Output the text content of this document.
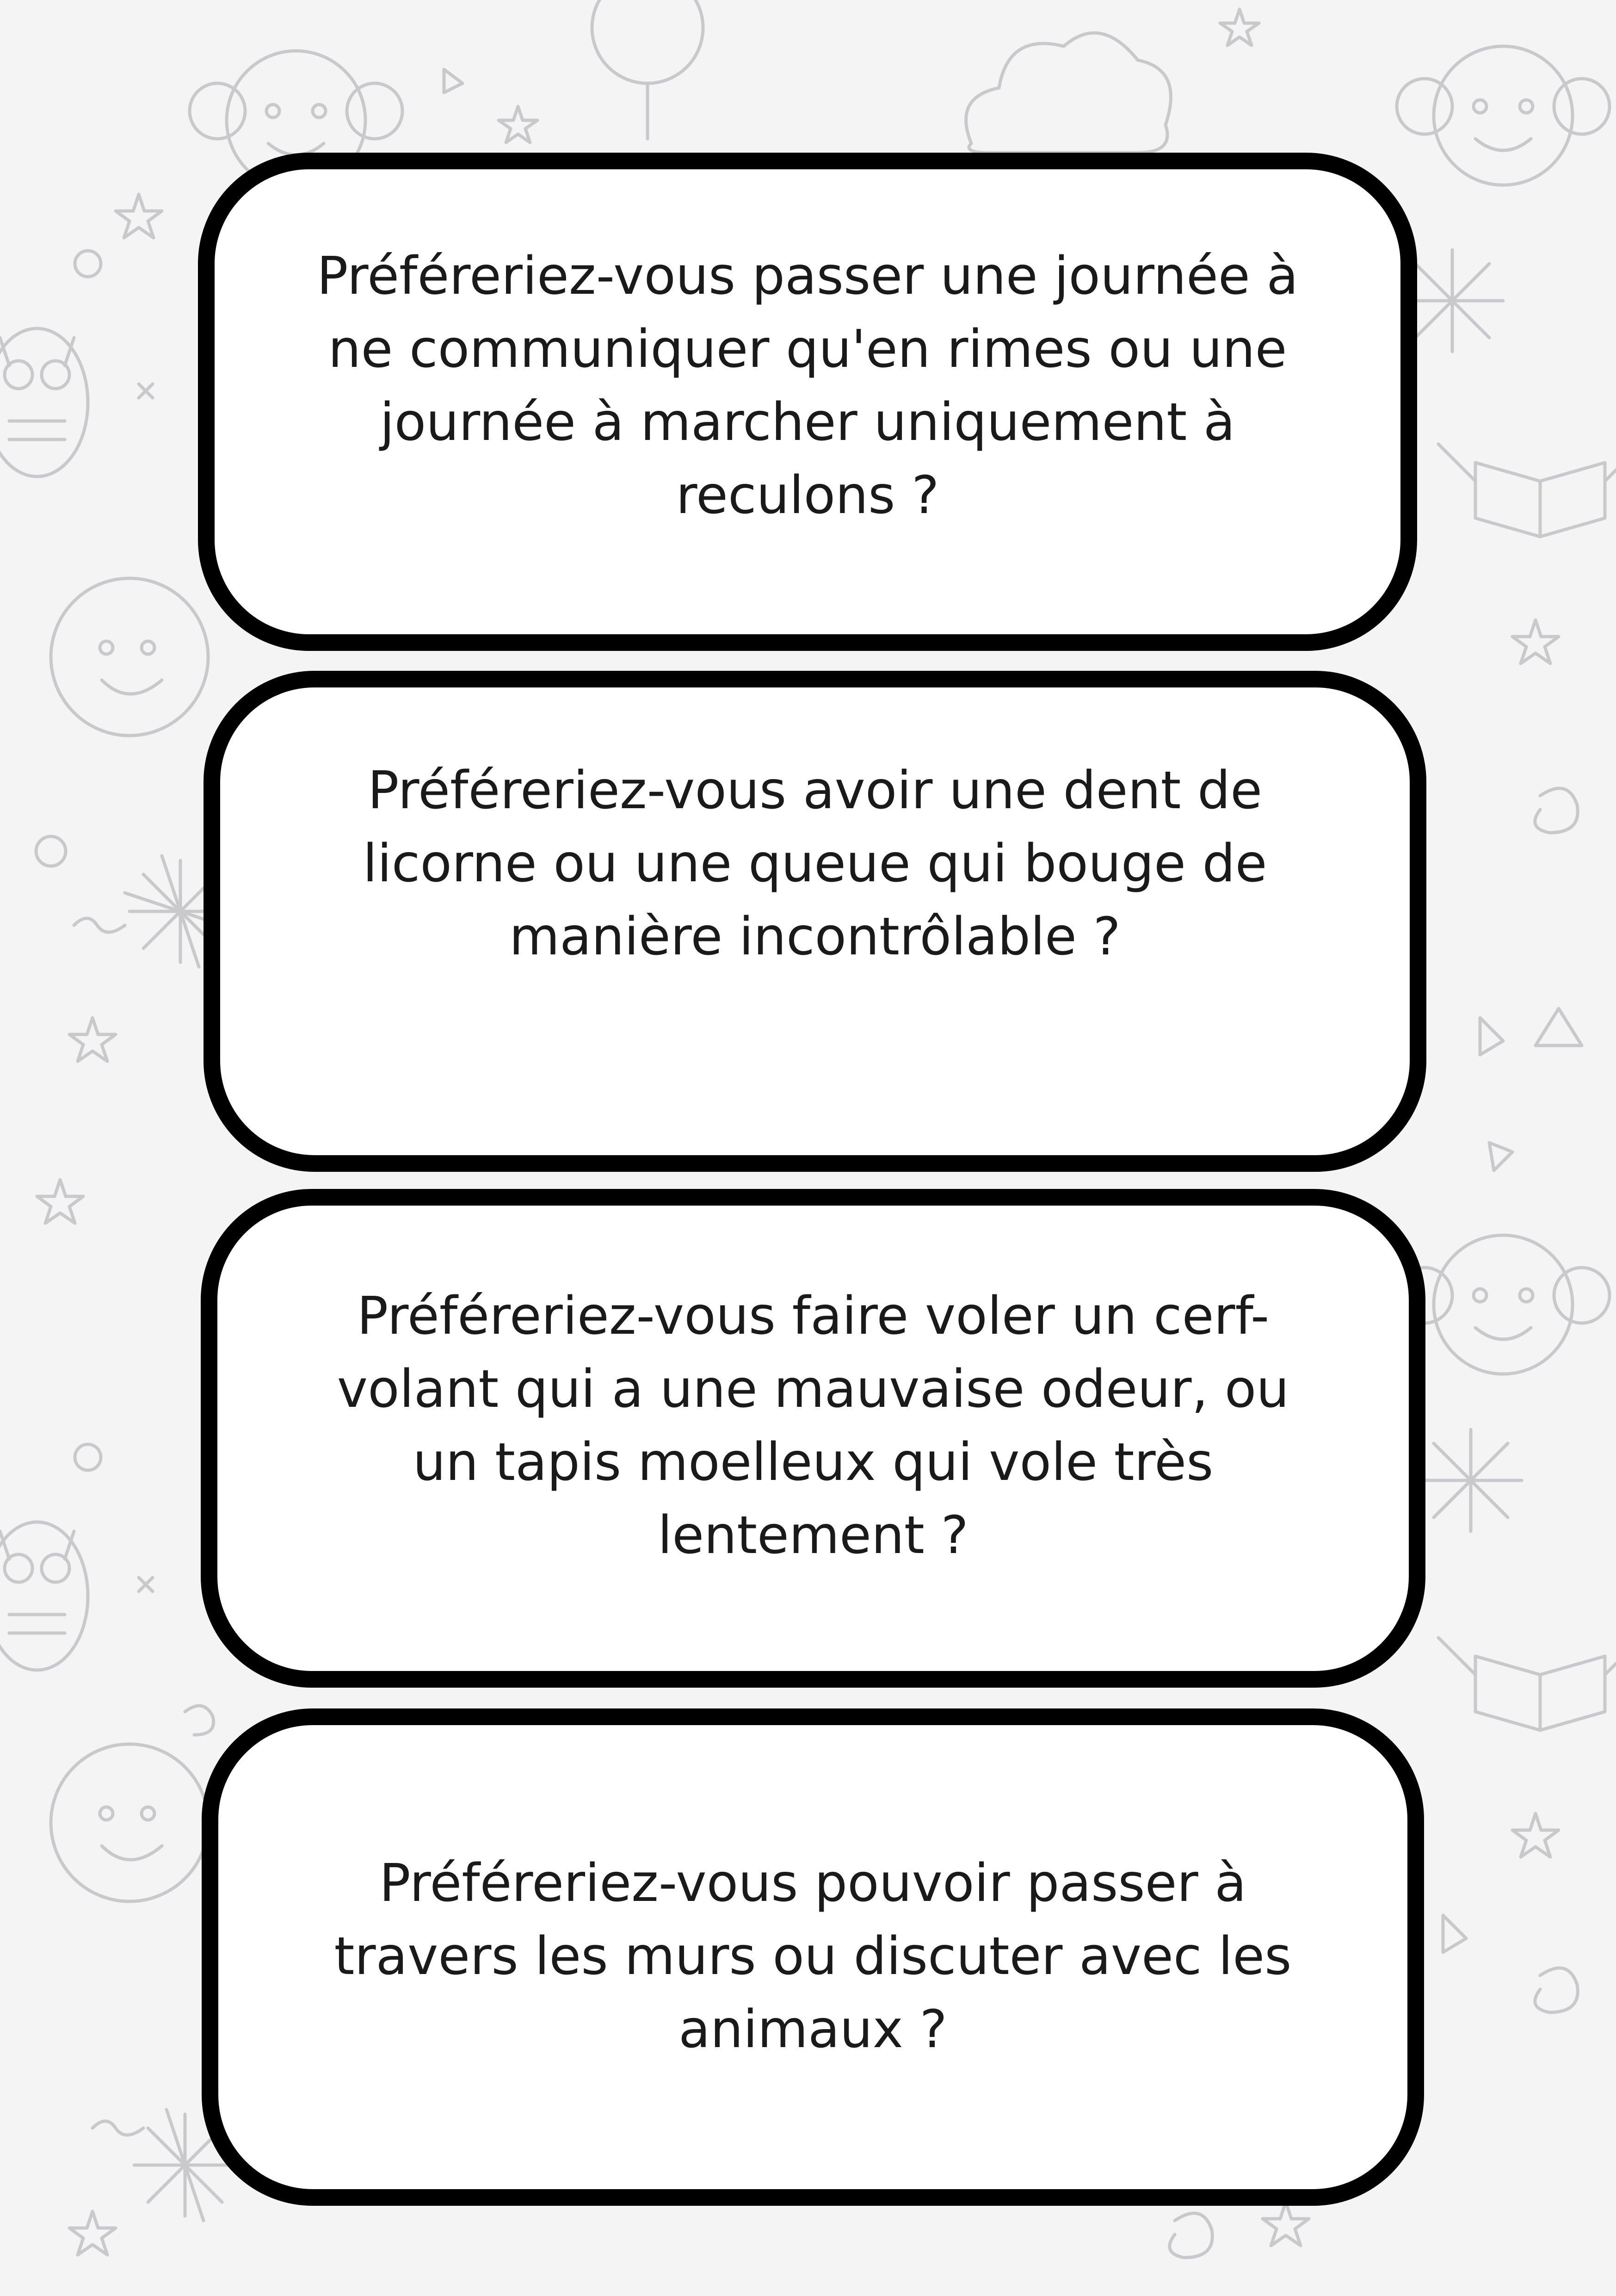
Préféreriez-vous passer une journée à ne communiquer qu'en rimes ou une journée à marcher uniquement à reculons ?

Préféreriez-vous avoir une dent de licorne ou une queue qui bouge de manière incontrôlable ?

Préféreriez-vous faire voler un cerf-volant qui a une mauvaise odeur, ou un tapis moelleux qui vole très lentement ?

Préféreriez-vous pouvoir passer à travers les murs ou discuter avec les animaux ?
